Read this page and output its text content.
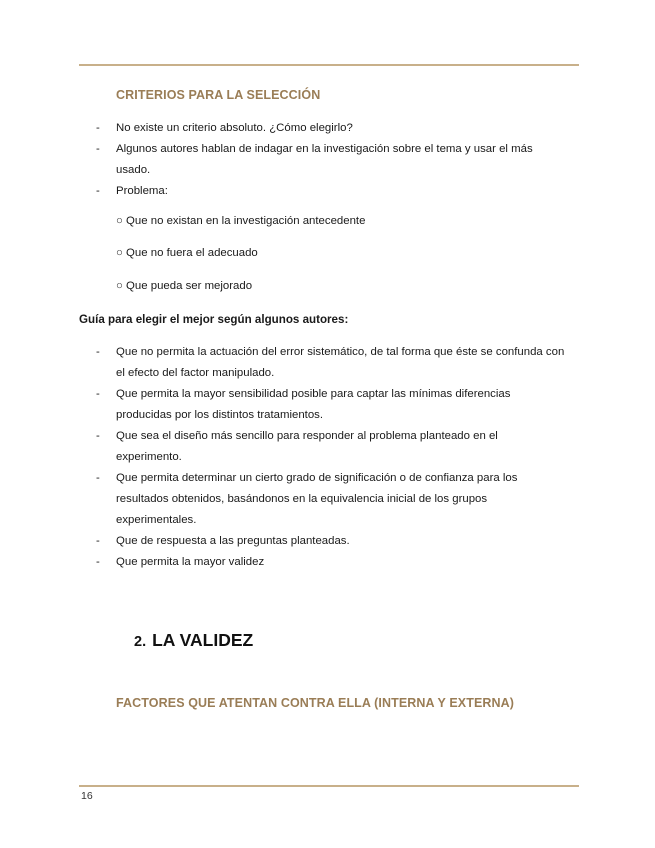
CRITERIOS PARA LA SELECCIÓN
- No existe un criterio absoluto. ¿Cómo elegirlo?
- Algunos autores hablan de indagar en la investigación sobre el tema y usar el más usado.
- Problema:
○ Que no existan en la investigación antecedente
○ Que no fuera el adecuado
○ Que pueda ser mejorado
Guía para elegir el mejor según algunos autores:
- Que no permita la actuación del error sistemático, de tal forma que éste se confunda con el efecto del factor manipulado.
- Que permita la mayor sensibilidad posible para captar las mínimas diferencias producidas por los distintos tratamientos.
- Que sea el diseño más sencillo para responder al problema planteado en el experimento.
- Que permita determinar un cierto grado de significación o de confianza para los resultados obtenidos, basándonos en la equivalencia inicial de los grupos experimentales.
- Que de respuesta a las preguntas planteadas.
- Que permita la mayor validez
2. LA VALIDEZ
FACTORES QUE ATENTAN CONTRA ELLA (INTERNA Y EXTERNA)
16
